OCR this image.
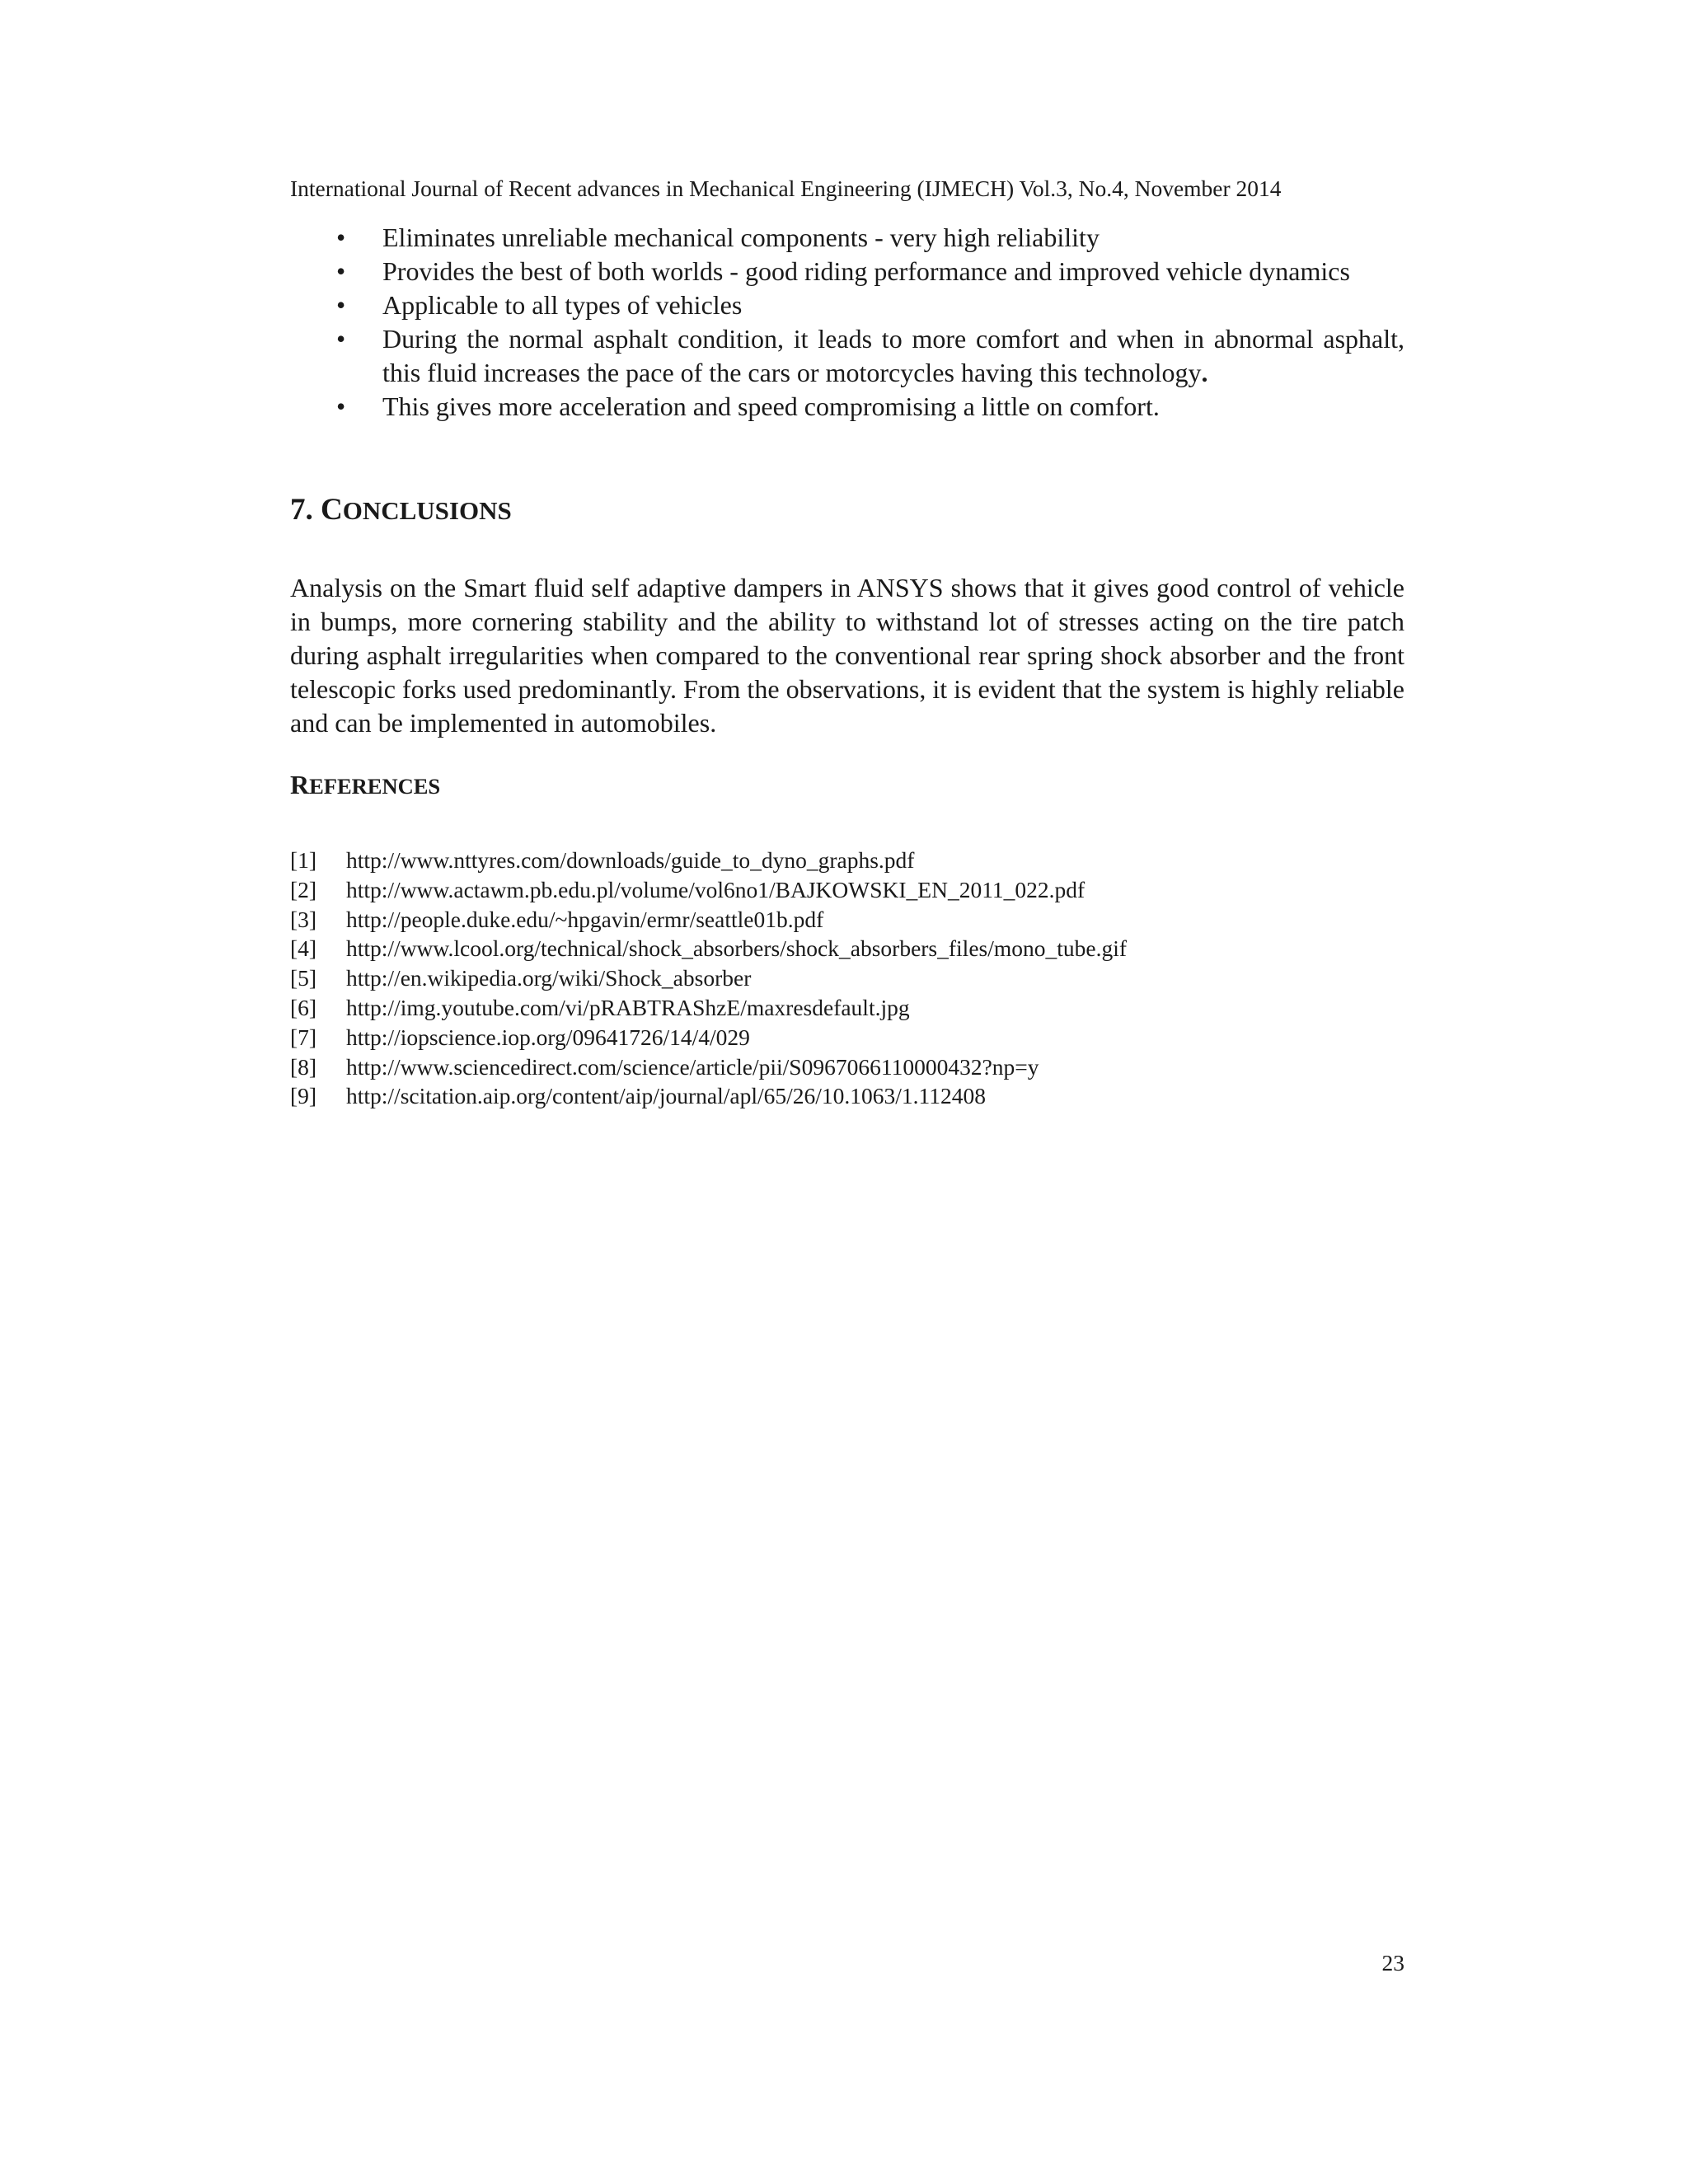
International Journal of Recent advances in Mechanical Engineering (IJMECH) Vol.3, No.4, November 2014
• Eliminates unreliable mechanical components - very high reliability
• Provides the best of both worlds - good riding performance and improved vehicle dynamics
• Applicable to all types of vehicles
• During the normal asphalt condition, it leads to more comfort and when in abnormal asphalt, this fluid increases the pace of the cars or motorcycles having this technology.
• This gives more acceleration and speed compromising a little on comfort.
7. CONCLUSIONS

Analysis on the Smart fluid self adaptive dampers in ANSYS shows that it gives good control of vehicle in bumps, more cornering stability and the ability to withstand lot of stresses acting on the tire patch during asphalt irregularities when compared to the conventional rear spring shock absorber and the front telescopic forks used predominantly. From the observations, it is evident that the system is highly reliable and can be implemented in automobiles.

REFERENCES
[1]	http://www.nttyres.com/downloads/guide_to_dyno_graphs.pdf
[2]	http://www.actawm.pb.edu.pl/volume/vol6no1/BAJKOWSKI_EN_2011_022.pdf
[3]	http://people.duke.edu/~hpgavin/ermr/seattle01b.pdf
[4]	http://www.lcool.org/technical/shock_absorbers/shock_absorbers_files/mono_tube.gif
[5]	http://en.wikipedia.org/wiki/Shock_absorber
[6]	http://img.youtube.com/vi/pRABTRAShzE/maxresdefault.jpg
[7]	http://iopscience.iop.org/09641726/14/4/029
[8]	http://www.sciencedirect.com/science/article/pii/S0967066110000432?np=y
[9]	http://scitation.aip.org/content/aip/journal/apl/65/26/10.1063/1.112408
23
